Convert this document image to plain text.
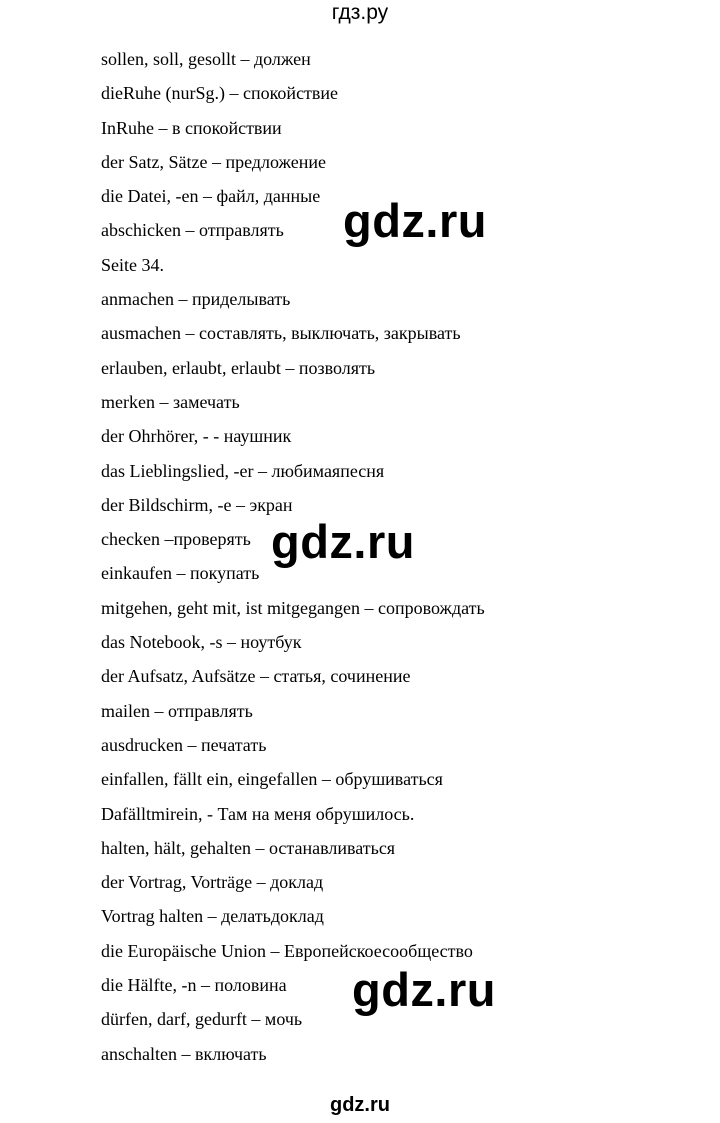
гдз.ру
sollen, soll, gesollt – должен
dieRuhe (nurSg.) – спокойствие
InRuhe – в спокойствии
der Satz, Sätze – предложение
die Datei, -en – файл, данные
abschicken – отправлять
Seite 34.
anmachen – приделывать
ausmachen – составлять, выключать, закрывать
erlauben, erlaubt, erlaubt – позволять
merken – замечать
der Ohrhörer, - - наушник
das Lieblingslied, -er – любимаяпесня
der Bildschirm, -e – экран
checken –проверять
einkaufen – покупать
mitgehen, geht mit, ist mitgegangen – сопровождать
das Notebook, -s – ноутбук
der Aufsatz, Aufsätze – статья, сочинение
mailen – отправлять
ausdrucken – печатать
einfallen, fällt ein, eingefallen – обрушиваться
Dafälltmirein, - Там на меня обрушилось.
halten, hält, gehalten – останавливаться
der Vortrag, Vorträge – доклад
Vortrag halten – делатьдоклад
die Europäische Union – Европейскоесообщество
die Hälfte, -n – половина
dürfen, darf, gedurft – мочь
anschalten – включать
gdz.ru
gdz.ru
gdz.ru
gdz.ru
